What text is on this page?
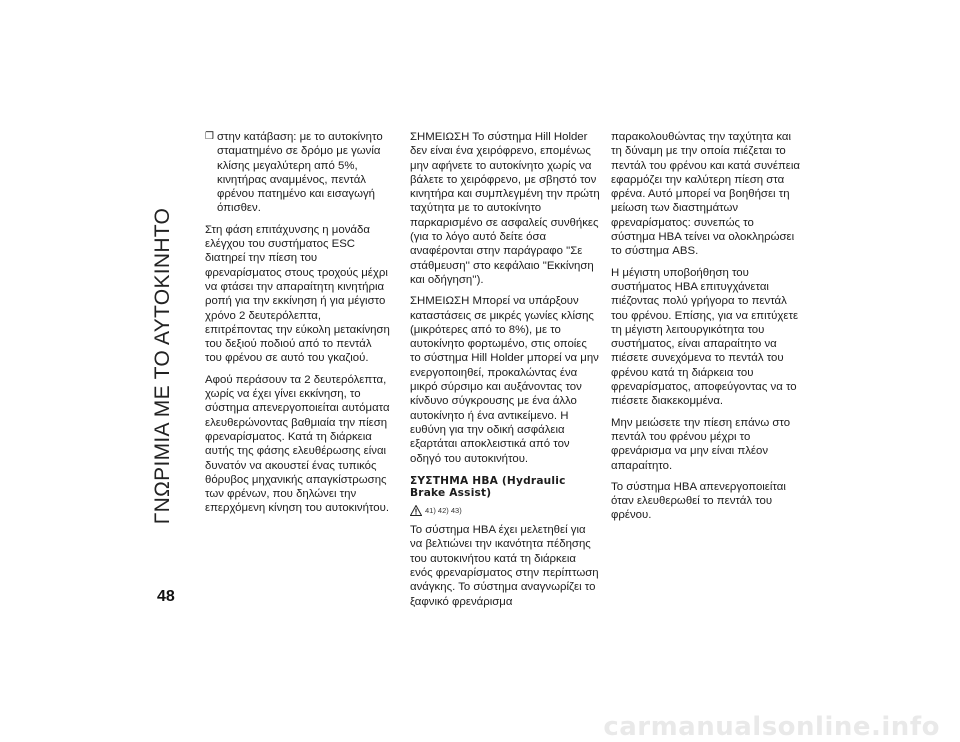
ΓΝΩΡΙΜΙΑ ΜΕ ΤΟ ΑΥΤΟΚΙΝΗΤΟ
48
❒ στην κατάβαση: με το αυτοκίνητο σταματημένο σε δρόμο με γωνία κλίσης μεγαλύτερη από 5%, κινητήρας αναμμένος, πεντάλ φρένου πατημένο και εισαγωγή όπισθεν.

Στη φάση επιτάχυνσης η μονάδα ελέγχου του συστήματος ESC διατηρεί την πίεση του φρεναρίσματος στους τροχούς μέχρι να φτάσει την απαραίτητη κινητήρια ροπή για την εκκίνηση ή για μέγιστο χρόνο 2 δευτερόλεπτα, επιτρέποντας την εύκολη μετακίνηση του δεξιού ποδιού από το πεντάλ του φρένου σε αυτό του γκαζιού.

Αφού περάσουν τα 2 δευτερόλεπτα, χωρίς να έχει γίνει εκκίνηση, το σύστημα απενεργοποιείται αυτόματα ελευθερώνοντας βαθμιαία την πίεση φρεναρίσματος. Κατά τη διάρκεια αυτής της φάσης ελευθέρωσης είναι δυνατόν να ακουστεί ένας τυπικός θόρυβος μηχανικής απαγκίστρωσης των φρένων, που δηλώνει την επερχόμενη κίνηση του αυτοκινήτου.

ΣΗΜΕΙΩΣΗ Το σύστημα Hill Holder δεν είναι ένα χειρόφρενο, επομένως μην αφήνετε το αυτοκίνητο χωρίς να βάλετε το χειρόφρενο, με σβηστό τον κινητήρα και συμπλεγμένη την πρώτη ταχύτητα με το αυτοκίνητο παρκαρισμένο σε ασφαλείς συνθήκες (για το λόγο αυτό δείτε όσα αναφέρονται στην παράγραφο "Σε στάθμευση'' στο κεφάλαιο "Εκκίνηση και οδήγηση'').

ΣΗΜΕΙΩΣΗ Μπορεί να υπάρξουν καταστάσεις σε μικρές γωνίες κλίσης (μικρότερες από το 8%), με το αυτοκίνητο φορτωμένο, στις οποίες το σύστημα Hill Holder μπορεί να μην ενεργοποιηθεί, προκαλώντας ένα μικρό σύρσιμο και αυξάνοντας τον κίνδυνο σύγκρουσης με ένα άλλο αυτοκίνητο ή ένα αντικείμενο. Η ευθύνη για την οδική ασφάλεια εξαρτάται αποκλειστικά από τον οδηγό του αυτοκινήτου.

ΣΥΣΤΗΜΑ HBA (Hydraulic Brake Assist)
41) 42) 43)

Το σύστημα HBA έχει μελετηθεί για να βελτιώνει την ικανότητα πέδησης του αυτοκινήτου κατά τη διάρκεια ενός φρεναρίσματος στην περίπτωση ανάγκης. Το σύστημα αναγνωρίζει το ξαφνικό φρενάρισμα

παρακολουθώντας την ταχύτητα και τη δύναμη με την οποία πιέζεται το πεντάλ του φρένου και κατά συνέπεια εφαρμόζει την καλύτερη πίεση στα φρένα. Αυτό μπορεί να βοηθήσει τη μείωση των διαστημάτων φρεναρίσματος: συνεπώς το σύστημα HBA τείνει να ολοκληρώσει το σύστημα ABS.

Η μέγιστη υποβοήθηση του συστήματος HBA επιτυγχάνεται πιέζοντας πολύ γρήγορα το πεντάλ του φρένου. Επίσης, για να επιτύχετε τη μέγιστη λειτουργικότητα του συστήματος, είναι απαραίτητο να πιέσετε συνεχόμενα το πεντάλ του φρένου κατά τη διάρκεια του φρεναρίσματος, αποφεύγοντας να το πιέσετε διακεκομμένα.

Μην μειώσετε την πίεση επάνω στο πεντάλ του φρένου μέχρι το φρενάρισμα να μην είναι πλέον απαραίτητο.

Το σύστημα HBA απενεργοποιείται όταν ελευθερωθεί το πεντάλ του φρένου.

carmanualsonline.info
